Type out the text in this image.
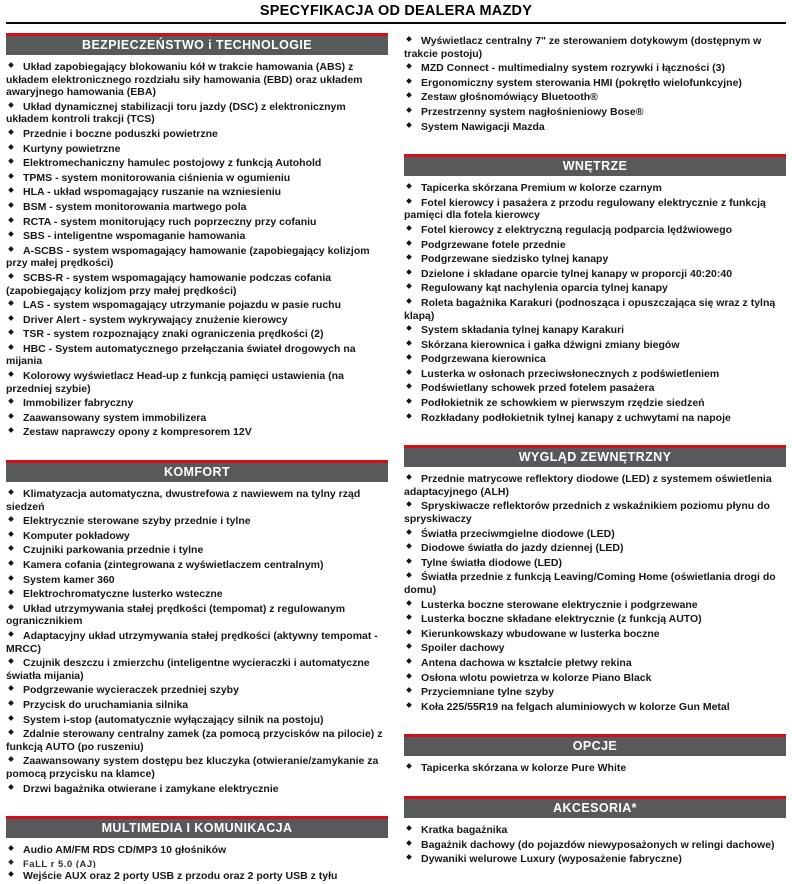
SPECYFIKACJA OD DEALERA MAZDY
BEZPIECZEŃSTWO i TECHNOLOGIE
Układ zapobiegający blokowaniu kół w trakcie hamowania (ABS) z układem elektronicznego rozdziału siły hamowania (EBD) oraz układem awaryjnego hamowania (EBA)
Układ dynamicznej stabilizacji toru jazdy (DSC) z elektronicznym układem kontroli trakcji (TCS)
Przednie i boczne poduszki powietrzne
Kurtyny powietrzne
Elektromechaniczny hamulec postojowy z funkcją Autohold
TPMS - system monitorowania ciśnienia w ogumieniu
HLA - układ wspomagający ruszanie na wzniesieniu
BSM - system monitorowania martwego pola
RCTA - system monitorujący ruch poprzeczny przy cofaniu
SBS - inteligentne wspomaganie hamowania
A-SCBS - system wspomagający hamowanie (zapobiegający kolizjom przy małej prędkości)
SCBS-R - system wspomagający hamowanie podczas cofania (zapobiegający kolizjom przy małej prędkości)
LAS - system wspomagający utrzymanie pojazdu w pasie ruchu
Driver Alert - system wykrywający znużenie kierowcy
TSR - system rozpoznający znaki ograniczenia prędkości (2)
HBC - System automatycznego przełączania świateł drogowych na mijania
Kolorowy wyświetlacz Head-up z funkcją pamięci ustawienia (na przedniej szybie)
Immobilizer fabryczny
Zaawansowany system immobilizera
Zestaw naprawczy opony z kompresorem 12V
KOMFORT
Klimatyzacja automatyczna, dwustrefowa z nawiewem na tylny rząd siedzeń
Elektrycznie sterowane szyby przednie i tylne
Komputer pokładowy
Czujniki parkowania przednie i tylne
Kamera cofania (zintegrowana z wyświetlaczem centralnym)
System kamer 360
Elektrochromatyczne lusterko wsteczne
Układ utrzymywania stałej prędkości (tempomat) z regulowanym ogranicznikiem
Adaptacyjny układ utrzymywania stałej prędkości (aktywny tempomat - MRCC)
Czujnik deszczu i zmierzchu (inteligentne wycieraczki i automatyczne światła mijania)
Podgrzewanie wycieraczek przedniej szyby
Przycisk do uruchamiania silnika
System i-stop (automatycznie wyłączający silnik na postoju)
Zdalnie sterowany centralny zamek (za pomocą przycisków na pilocie) z funkcją AUTO (po ruszeniu)
Zaawansowany system dostępu bez kluczyka (otwieranie/zamykanie za pomocą przycisku na klamce)
Drzwi bagażnika otwierane i zamykane elektrycznie
MULTIMEDIA I KOMUNIKACJA
Audio AM/FM RDS CD/MP3 10 głośników
FaLL r 5.0 (AJ)
Wejście AUX oraz 2 porty USB z przodu oraz 2 porty USB z tyłu
Wyświetlacz centralny 7" ze sterowaniem dotykowym (dostępnym w trakcie postoju)
MZD Connect - multimedialny system rozrywki i łączności (3)
Ergonomiczny system sterowania HMI (pokrętło wielofunkcyjne)
Zestaw głośnomówiący Bluetooth®
Przestrzenny system nagłośnieniowy Bose®
System Nawigacji Mazda
WNĘTRZE
Tapicerka skórzana Premium w kolorze czarnym
Fotel kierowcy i pasażera z przodu regulowany elektrycznie z funkcją pamięci dla fotela kierowcy
Fotel kierowcy z elektryczną regulacją podparcia lędźwiowego
Podgrzewane fotele przednie
Podgrzewane siedzisko tylnej kanapy
Dzielone i składane oparcie tylnej kanapy w proporcji 40:20:40
Regulowany kąt nachylenia oparcia tylnej kanapy
Roleta bagażnika Karakuri (podnosząca i opuszczająca się wraz z tylną klapą)
System składania tylnej kanapy Karakuri
Skórzana kierownica i gałka dźwigni zmiany biegów
Podgrzewana kierownica
Lusterka w osłonach przeciwsłonecznych z podświetleniem
Podświetlany schowek przed fotelem pasażera
Podłokietnik ze schowkiem w pierwszym rzędzie siedzeń
Rozkładany podłokietnik tylnej kanapy z uchwytami na napoje
WYGLĄD ZEWNĘTRZNY
Przednie matrycowe reflektory diodowe (LED) z systemem oświetlenia adaptacyjnego (ALH)
Spryskiwacze reflektorów przednich z wskaźnikiem poziomu płynu do spryskiwaczy
Światła przeciwmgielne diodowe (LED)
Diodowe światła do jazdy dziennej (LED)
Tylne światła diodowe (LED)
Światła przednie z funkcją Leaving/Coming Home (oświetlania drogi do domu)
Lusterka boczne sterowane elektrycznie i podgrzewane
Lusterka boczne składane elektrycznie (z funkcją AUTO)
Kierunkowskazy wbudowane w lusterka boczne
Spoiler dachowy
Antena dachowa w kształcie płetwy rekina
Osłona wlotu powietrza w kolorze Piano Black
Przyciemniane tylne szyby
Koła 225/55R19 na felgach aluminiowych w kolorze Gun Metal
OPCJE
Tapicerka skórzana w kolorze Pure White
AKCESORIA*
Kratka bagażnika
Bagażnik dachowy (do pojazdów niewyposażonych w relingi dachowe)
Dywaniki welurowe Luxury (wyposażenie fabryczne)
